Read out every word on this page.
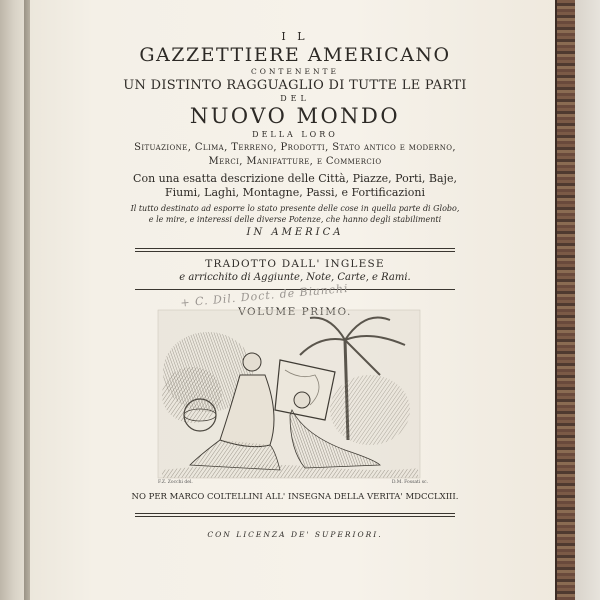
I L
GAZZETTIERE AMERICANO
CONTENENTE
UN DISTINTO RAGGUAGLIO DI TUTTE LE PARTI
DEL
NUOVO MONDO
DELLA LORO
Situazione, Clima, Terreno, Prodotti, Stato antico e moderno,
Merci, Manifatture, e Commercio
Con una esatta descrizione delle Città, Piazze, Porti, Baje,
Fiumi, Laghi, Montagne, Passi, e Fortificazioni
Il tutto destinato ad esporre lo stato presente delle cose in quella parte di Globo,
e le mire, e interessi delle diverse Potenze, che hanno degli stabilimenti
IN AMERICA
TRADOTTO DALL' INGLESE
e arricchito di Aggiunte, Note, Carte, e Rami.
+ C. Dil. Doct. de Bianchi
VOLUME PRIMO.
F.Z. Zocchi del.	D.M. Fossati sc.
NO PER MARCO COLTELLINI ALL' INSEGNA DELLA VERITA' MDCCLXIII.
CON LICENZA DE' SUPERIORI.
